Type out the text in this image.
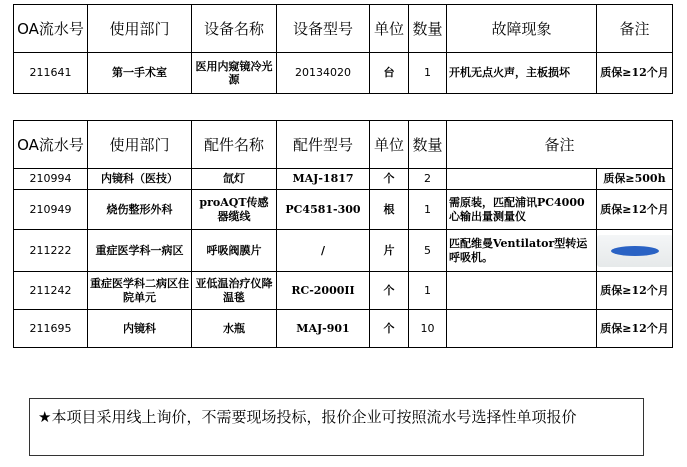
OA流水号	使用部门	设备名称	设备型号	单位	数量	故障现象	备注
211641	第一手术室	医用内窥镜冷光源	20134020	台	1	开机无点火声，主板损坏	质保≥12个月
OA流水号	使用部门	配件名称	配件型号	单位	数量	备注	
210994	内镜科（医技）	氙灯	MAJ-1817	个	2		质保≥500h
210949	烧伤整形外科	proAQT传感器缆线	PC4581-300	根	1	需原装，匹配浦讯PC4000心输出量测量仪	质保≥12个月
211222	重症医学科一病区	呼吸阀膜片	/	片	5	匹配维曼Ventilator型转运呼吸机。	

211242	重症医学科二病区住院单元	亚低温治疗仪降温毯	RC-2000II	个	1		质保≥12个月
211695	内镜科	水瓶	MAJ-901	个	10		质保≥12个月
★本项目采用线上询价，不需要现场投标，报价企业可按照流水号选择性单项报价
